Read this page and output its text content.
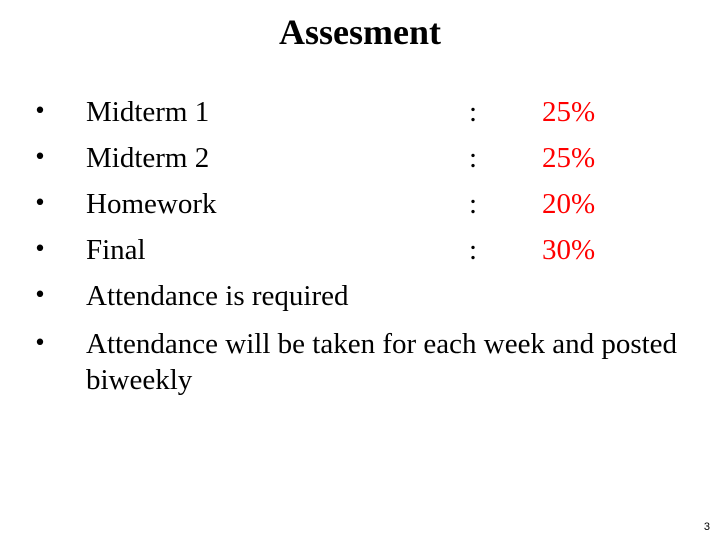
Assesment
• Midterm 1	: 25%
• Midterm 2	: 25%
• Homework	: 20%
• Final	: 30%
• Attendance is required
• Attendance will be taken for each week and posted biweekly
3
